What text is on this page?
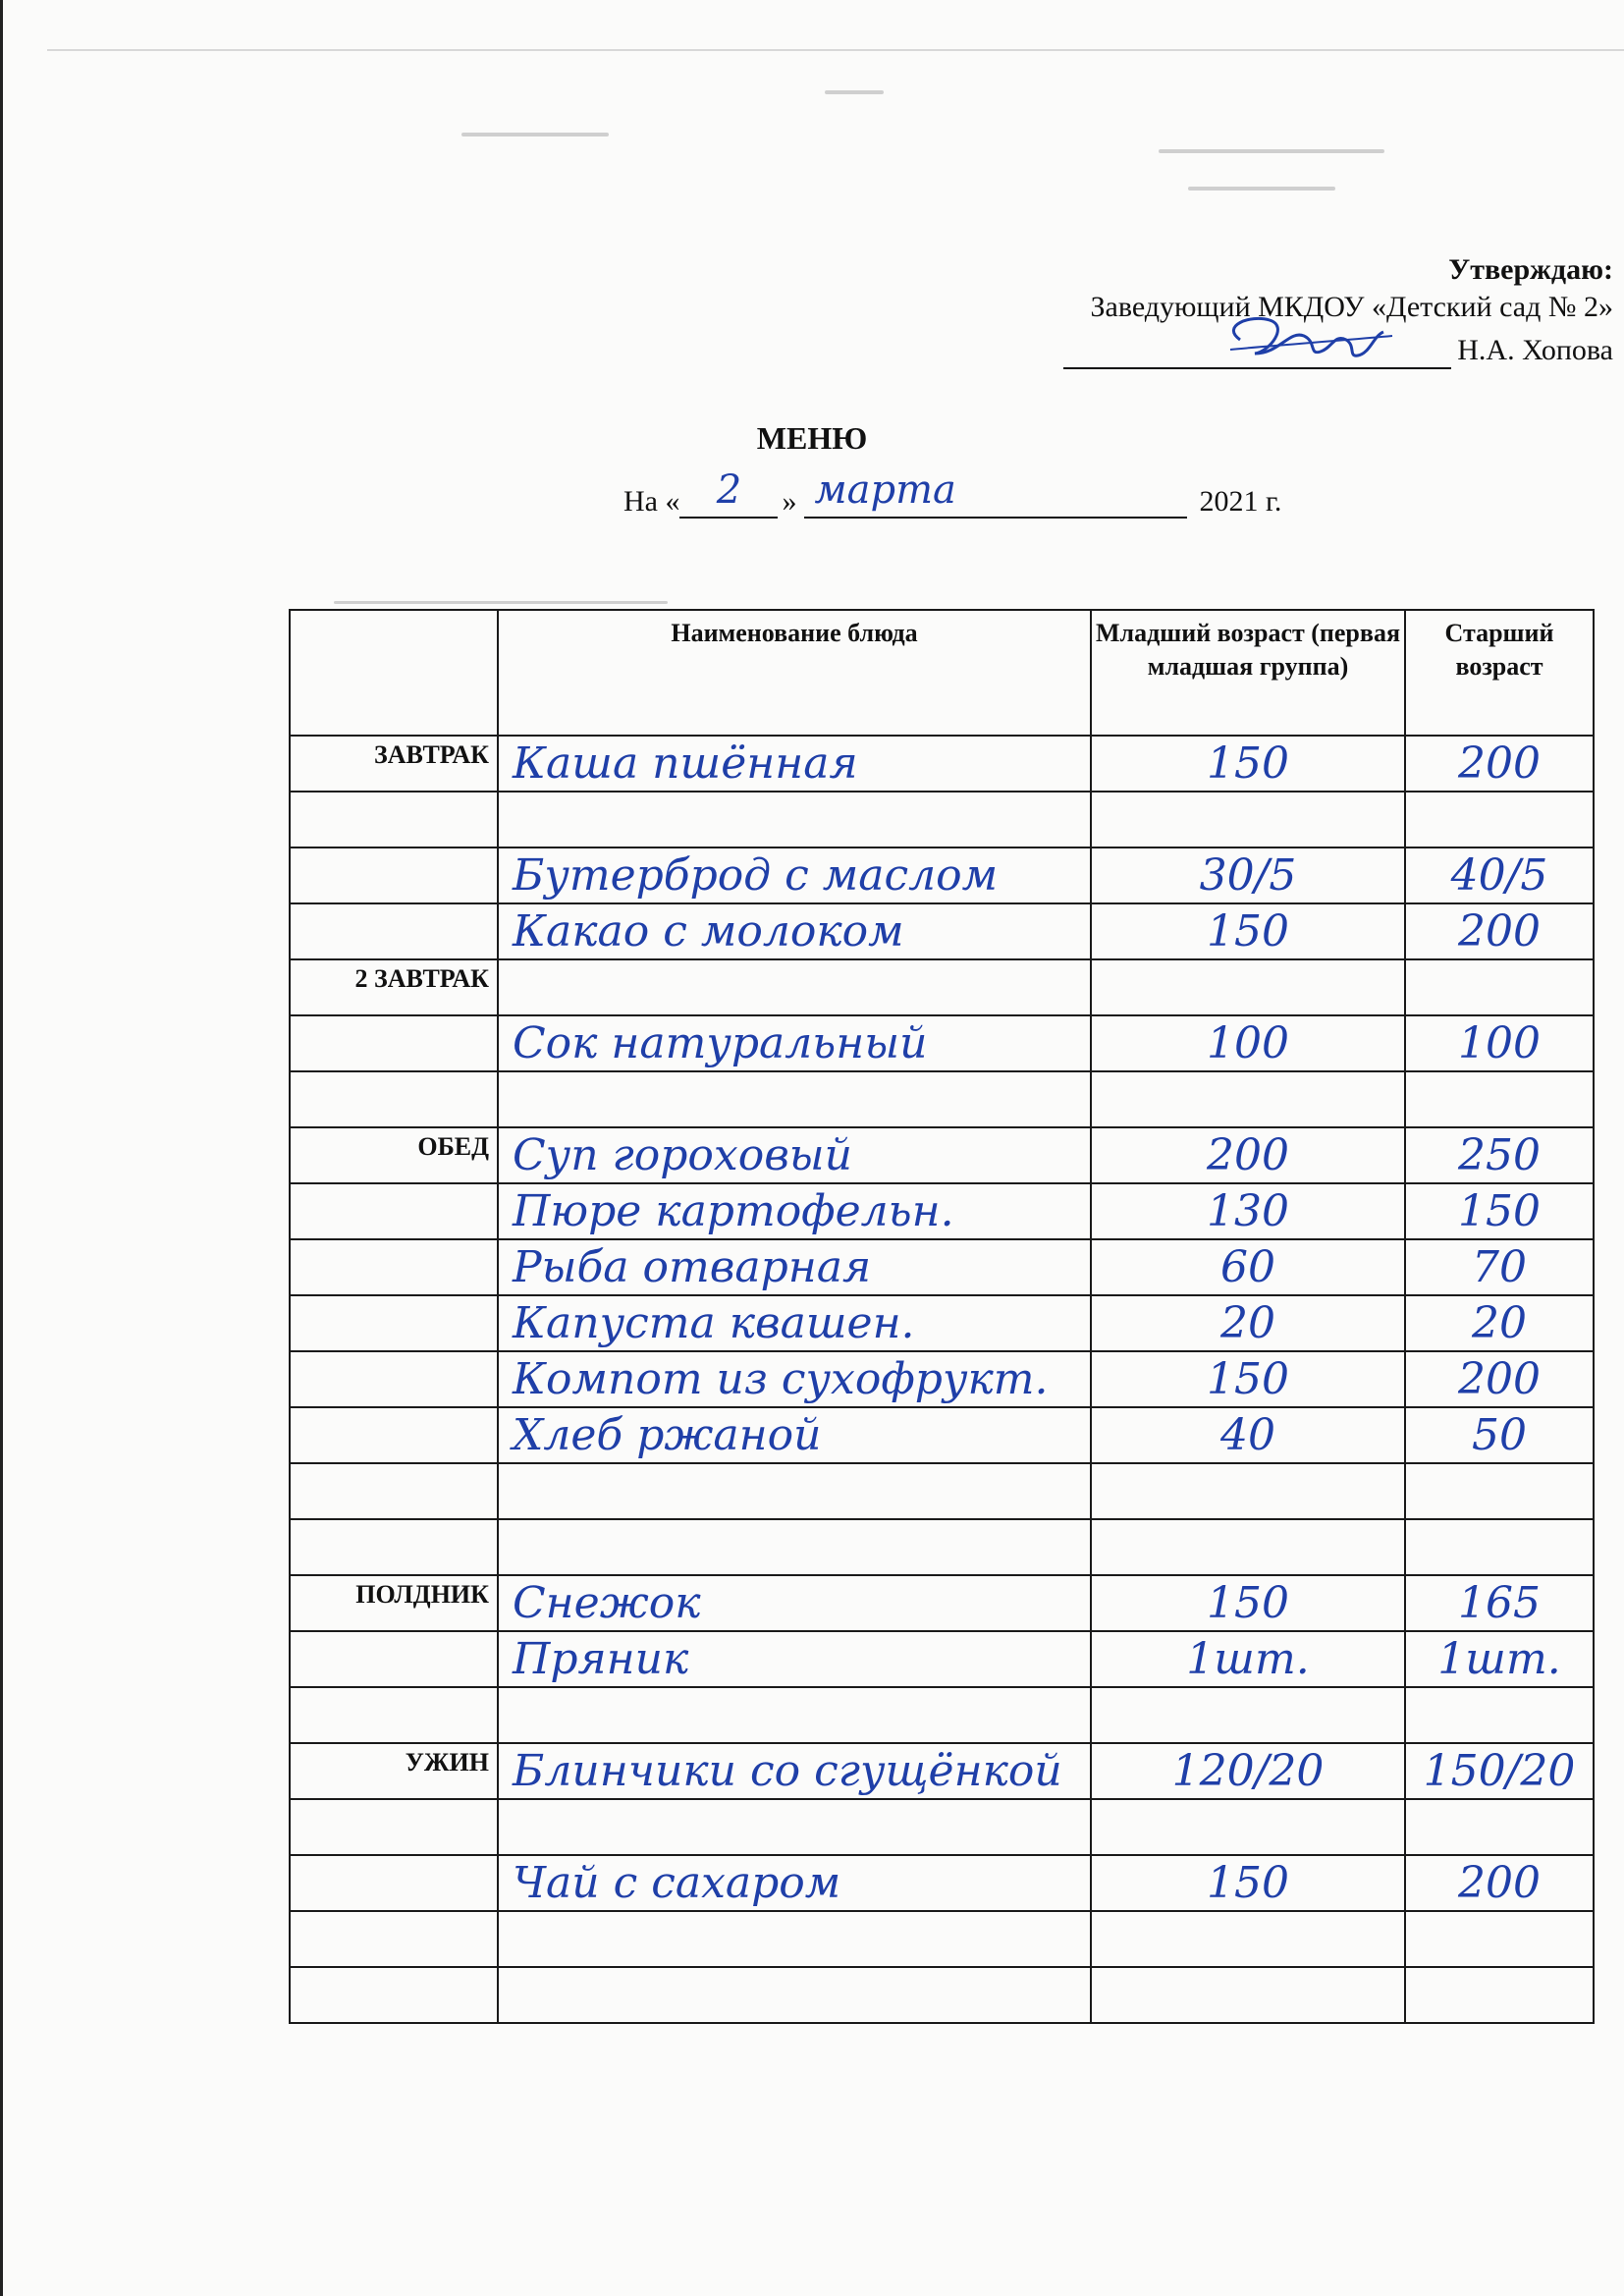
Утверждаю:
Заведующий МКДОУ «Детский сад № 2»
Н.А. Хопова
МЕНЮ
На « 2	» марта	2021 г.
	Наименование блюда	Младший возраст (первая младшая группа)	Старший возраст
ЗАВТРАК	Каша пшённая	150	200

	Бутерброд с маслом	30/5	40/5
	Какао с молоком	150	200
2 ЗАВТРАК			
	Сок натуральный	100	100

ОБЕД	Суп гороховый	200	250
	Пюре картофельн.	130	150
	Рыба отварная	60	70
	Капуста квашен.	20	20
	Компот из сухофрукт.	150	200
	Хлеб ржаной	40	50

ПОЛДНИК	Снежок	150	165
	Пряник	1шт.	1шт.

УЖИН	Блинчики со сгущёнкой	120/20	150/20

	Чай с сахаром	150	200
